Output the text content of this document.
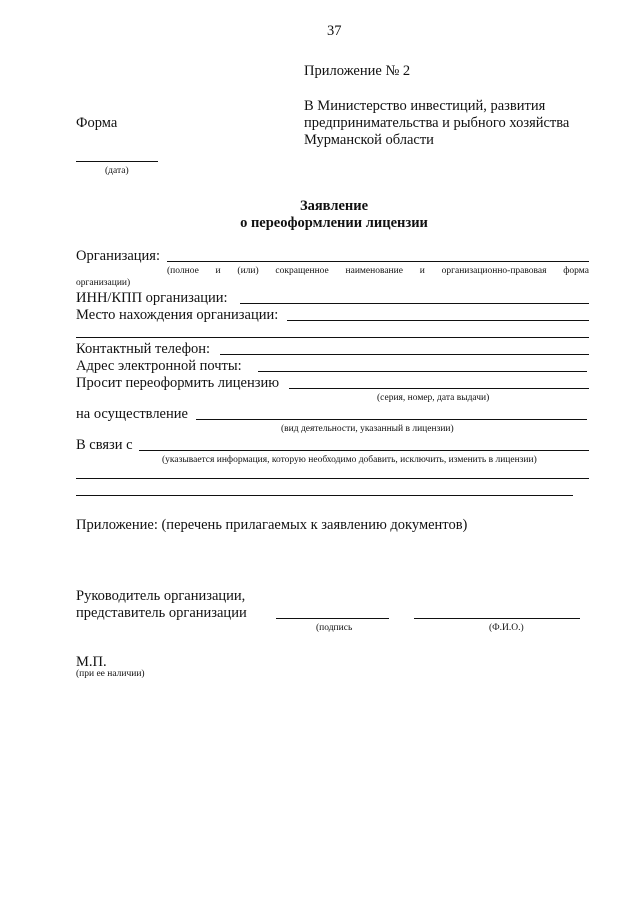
37
Приложение № 2
В Министерство инвестиций, развития
предпринимательства и рыбного хозяйства
Мурманской области
Форма
(дата)
Заявление
о переоформлении лицензии
Организация:
(полное и (или) сокращенное наименование и организационно-правовая форма
организации)
ИНН/КПП организации:
Место нахождения организации:
Контактный телефон:
Адрес электронной почты:
Просит переоформить лицензию
(серия, номер, дата выдачи)
на осуществление
(вид деятельности, указанный в лицензии)
В связи с
(указывается информация, которую необходимо добавить, исключить, изменить в лицензии)
Приложение: (перечень прилагаемых к заявлению документов)
Руководитель организации,
представитель организации
(подпись	(Ф.И.О.)
М.П.
(при ее наличии)
